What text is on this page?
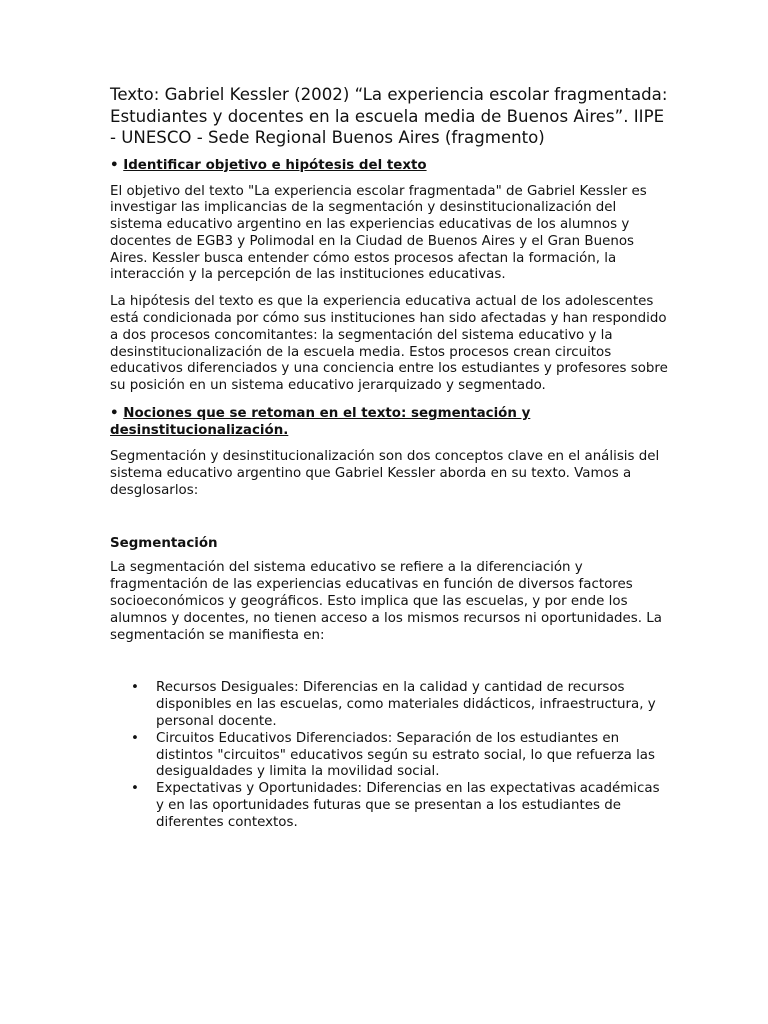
Texto: Gabriel Kessler (2002) “La experiencia escolar fragmentada: Estudiantes y docentes en la escuela media de Buenos Aires”. IIPE - UNESCO - Sede Regional Buenos Aires (fragmento)
• Identificar objetivo e hipótesis del texto

El objetivo del texto "La experiencia escolar fragmentada" de Gabriel Kessler es investigar las implicancias de la segmentación y desinstitucionalización del sistema educativo argentino en las experiencias educativas de los alumnos y docentes de EGB3 y Polimodal en la Ciudad de Buenos Aires y el Gran Buenos Aires. Kessler busca entender cómo estos procesos afectan la formación, la interacción y la percepción de las instituciones educativas.

La hipótesis del texto es que la experiencia educativa actual de los adolescentes está condicionada por cómo sus instituciones han sido afectadas y han respondido a dos procesos concomitantes: la segmentación del sistema educativo y la desinstitucionalización de la escuela media. Estos procesos crean circuitos educativos diferenciados y una conciencia entre los estudiantes y profesores sobre su posición en un sistema educativo jerarquizado y segmentado.

• Nociones que se retoman en el texto: segmentación y desinstitucionalización.

Segmentación y desinstitucionalización son dos conceptos clave en el análisis del sistema educativo argentino que Gabriel Kessler aborda en su texto. Vamos a desglosarlos:

Segmentación

La segmentación del sistema educativo se refiere a la diferenciación y fragmentación de las experiencias educativas en función de diversos factores socioeconómicos y geográficos. Esto implica que las escuelas, y por ende los alumnos y docentes, no tienen acceso a los mismos recursos ni oportunidades. La segmentación se manifiesta en:

• Recursos Desiguales: Diferencias en la calidad y cantidad de recursos disponibles en las escuelas, como materiales didácticos, infraestructura, y personal docente.
• Circuitos Educativos Diferenciados: Separación de los estudiantes en distintos "circuitos" educativos según su estrato social, lo que refuerza las desigualdades y limita la movilidad social.
• Expectativas y Oportunidades: Diferencias en las expectativas académicas y en las oportunidades futuras que se presentan a los estudiantes de diferentes contextos.
